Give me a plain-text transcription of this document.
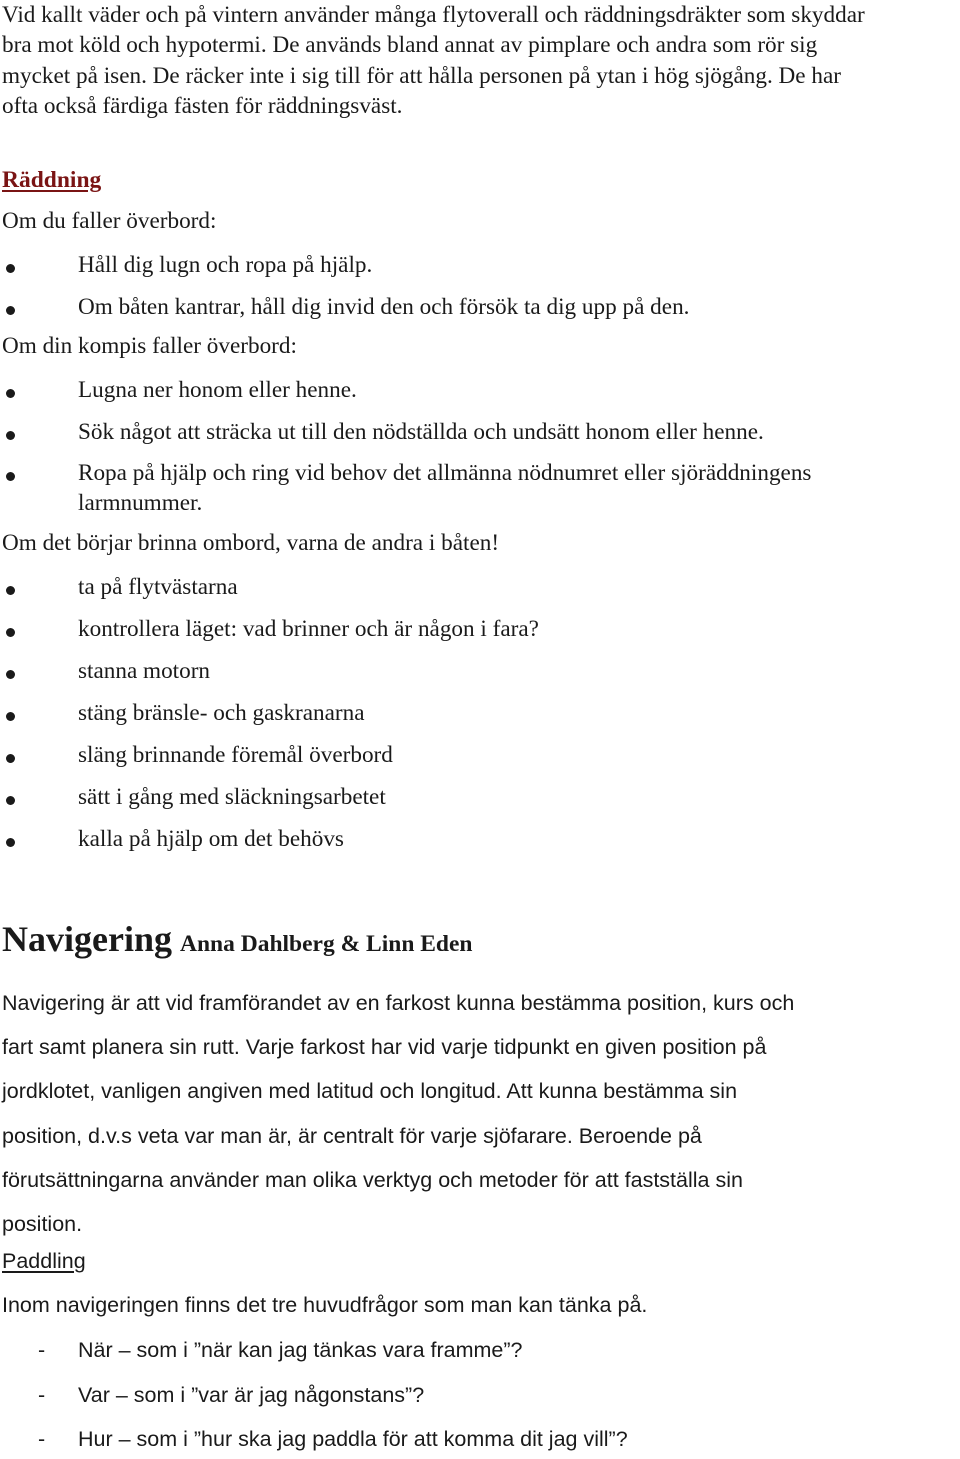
Vid kallt väder och på vintern använder många flytoverall och räddningsdräkter som skyddar
bra mot köld och hypotermi. De används bland annat av pimplare och andra som rör sig
mycket på isen. De räcker inte i sig till för att hålla personen på ytan i hög sjögång. De har
ofta också färdiga fästen för räddningsväst.

Räddning

Om du faller överbord:

Håll dig lugn och ropa på hjälp.
Om båten kantrar, håll dig invid den och försök ta dig upp på den.

Om din kompis faller överbord:

Lugna ner honom eller henne.
Sök något att sträcka ut till den nödställda och undsätt honom eller henne.
Ropa på hjälp och ring vid behov det allmänna nödnumret eller sjöräddningens
larmnummer.

Om det börjar brinna ombord, varna de andra i båten!

ta på flytvästarna
kontrollera läget: vad brinner och är någon i fara?
stanna motorn
stäng bränsle- och gaskranarna
släng brinnande föremål överbord
sätt i gång med släckningsarbetet
kalla på hjälp om det behövs
Navigering Anna Dahlberg & Linn Eden

Navigering är att vid framförandet av en farkost kunna bestämma position, kurs och
fart samt planera sin rutt. Varje farkost har vid varje tidpunkt en given position på
jordklotet, vanligen angiven med latitud och longitud. Att kunna bestämma sin
position, d.v.s veta var man är, är centralt för varje sjöfarare. Beroende på
förutsättningarna använder man olika verktyg och metoder för att fastställa sin
position.

Paddling

Inom navigeringen finns det tre huvudfrågor som man kan tänka på.

- När – som i ”när kan jag tänkas vara framme”?
- Var – som i ”var är jag någonstans”?
- Hur – som i ”hur ska jag paddla för att komma dit jag vill”?
